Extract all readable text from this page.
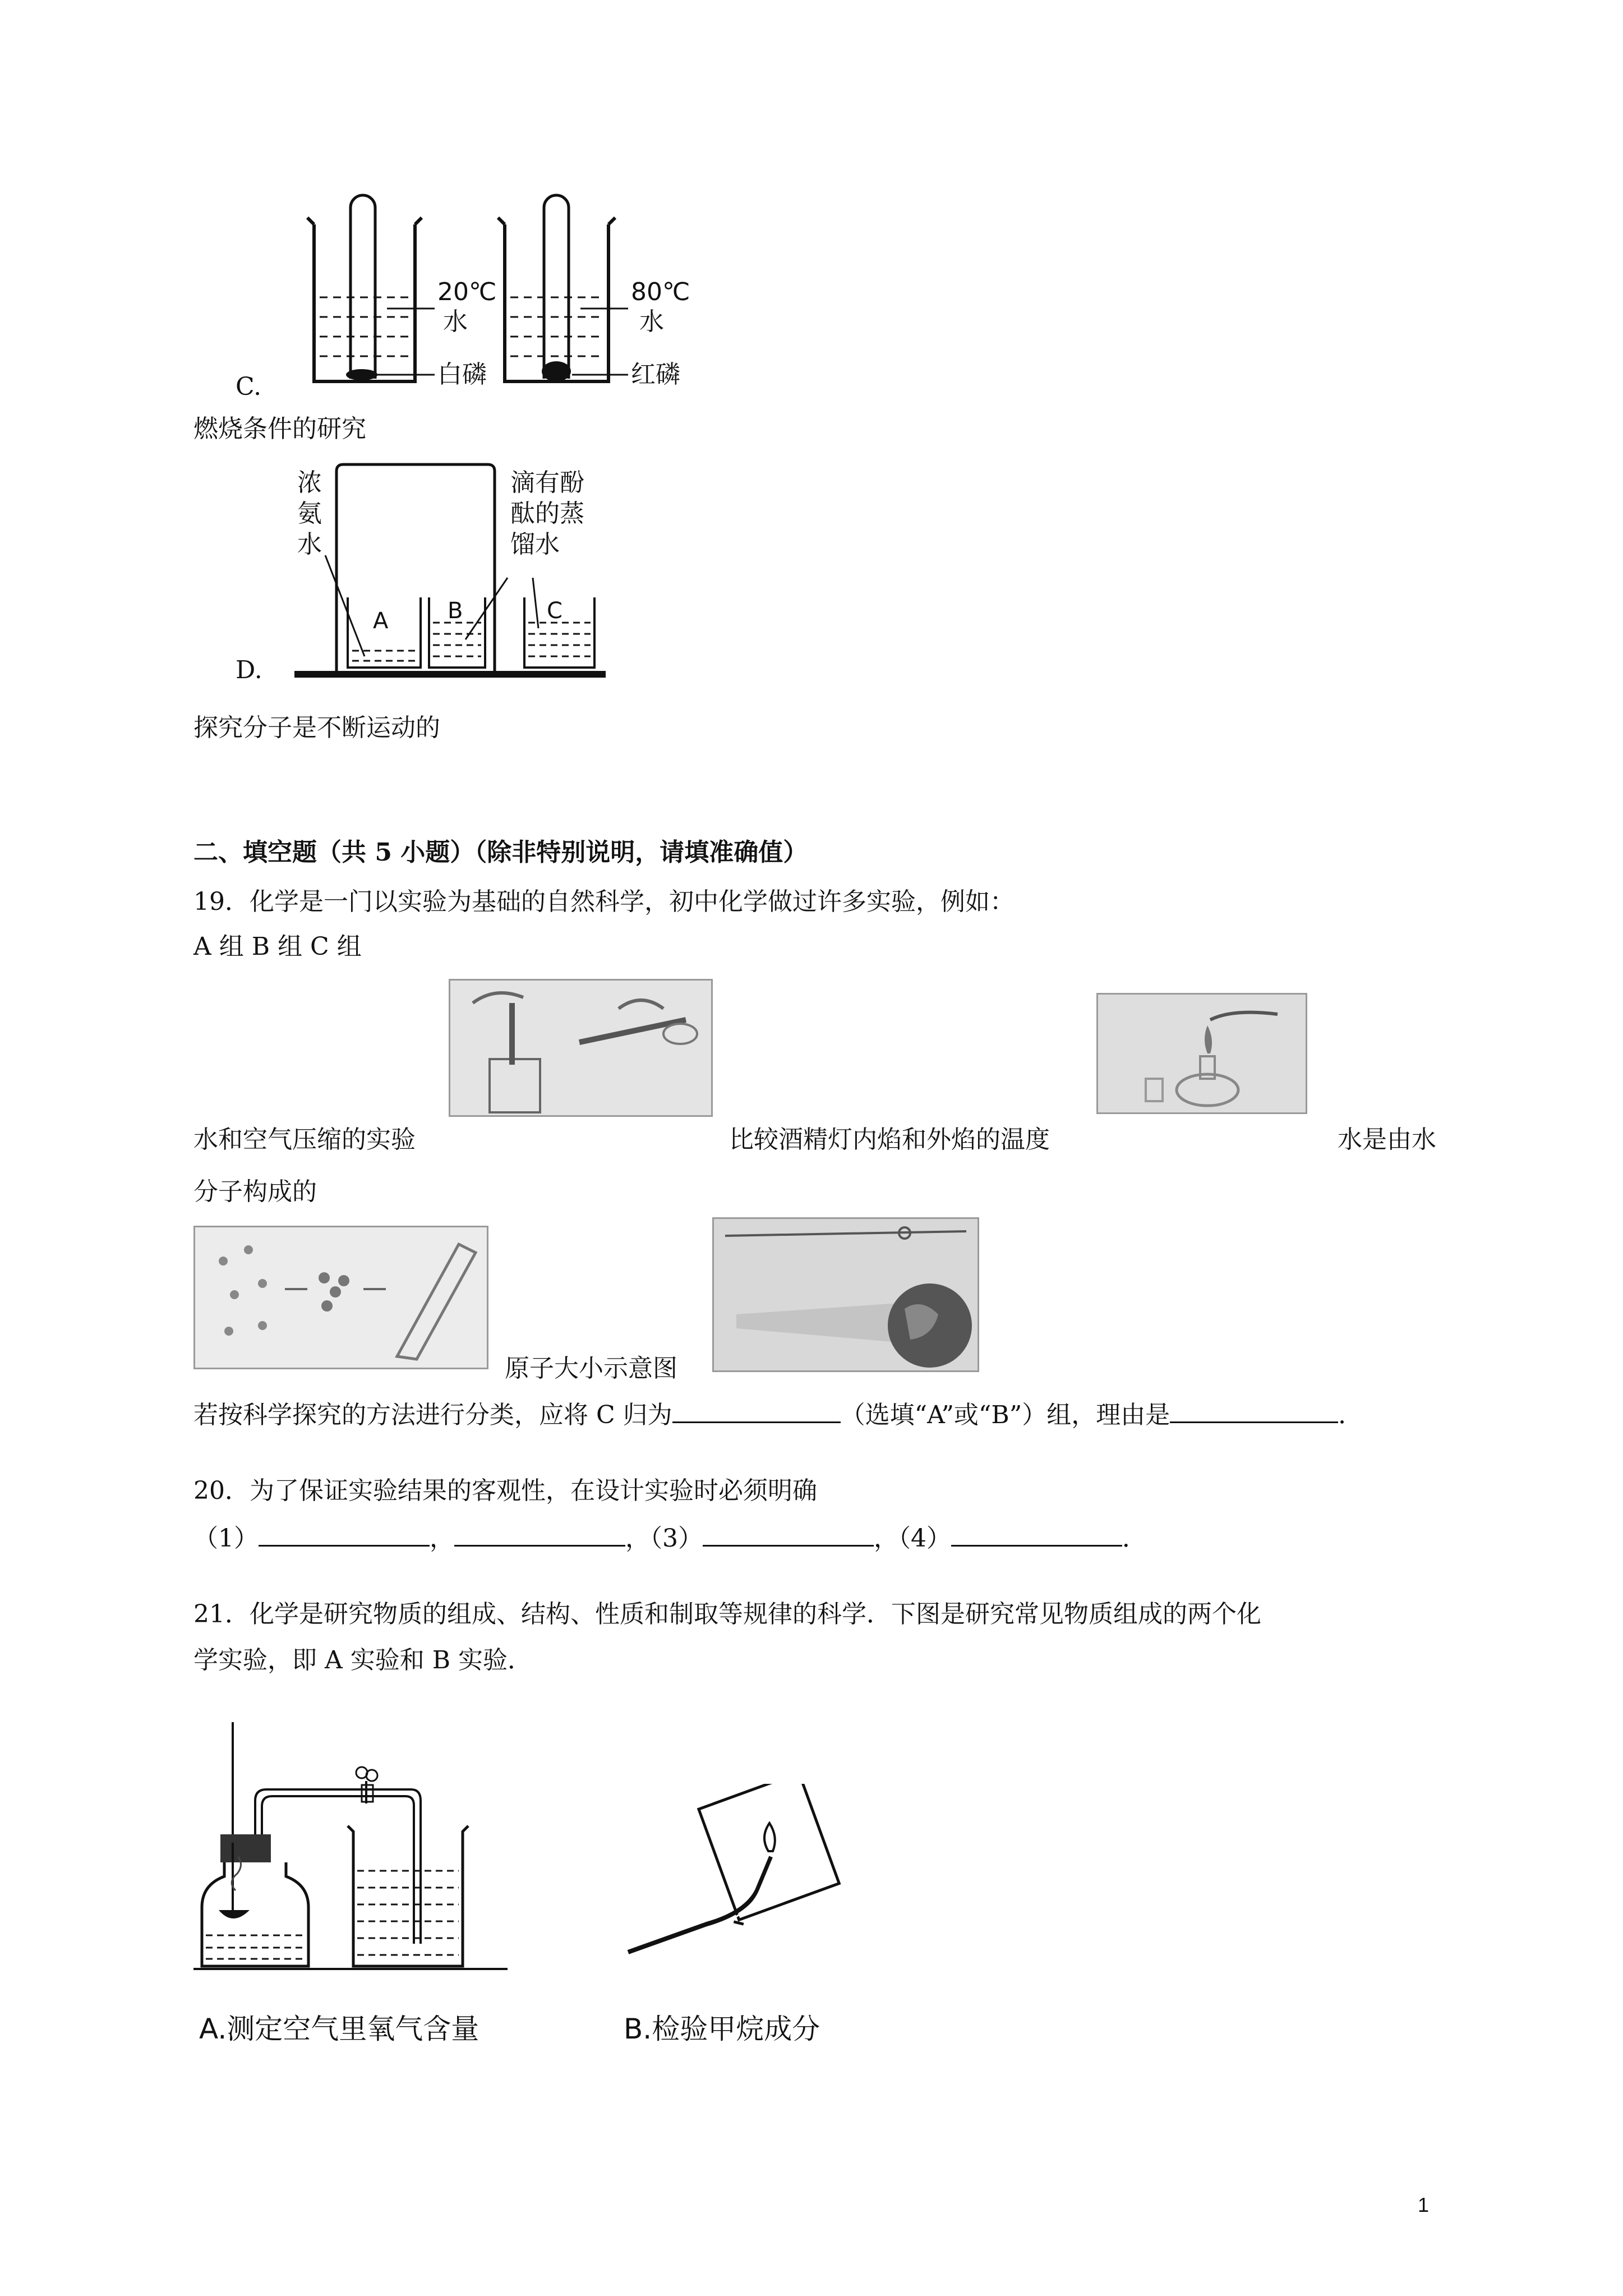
20℃
水
白磷
80℃
水
红磷
C.
燃烧条件的研究
A	B	C
浓
氨
水
滴有酚
酞的蒸
馏水
D.
探究分子是不断运动的
二、填空题（共 5 小题）（除非特别说明，请填准确值）
19．化学是一门以实验为基础的自然科学，初中化学做过许多实验，例如：
A 组 B 组 C 组
水和空气压缩的实验	比较酒精灯内焰和外焰的温度	水是由水
分子构成的
原子大小示意图
若按科学探究的方法进行分类，应将 C 归为	（选填“A”或“B”）组，理由是	．
20．为了保证实验结果的客观性，在设计实验时必须明确
（1）	，	，（3）	，（4）	．
21．化学是研究物质的组成、结构、性质和制取等规律的科学．下图是研究常见物质组成的两个化
学实验，即 A 实验和 B 实验．
A.测定空气里氧气含量	B.检验甲烷成分
1
